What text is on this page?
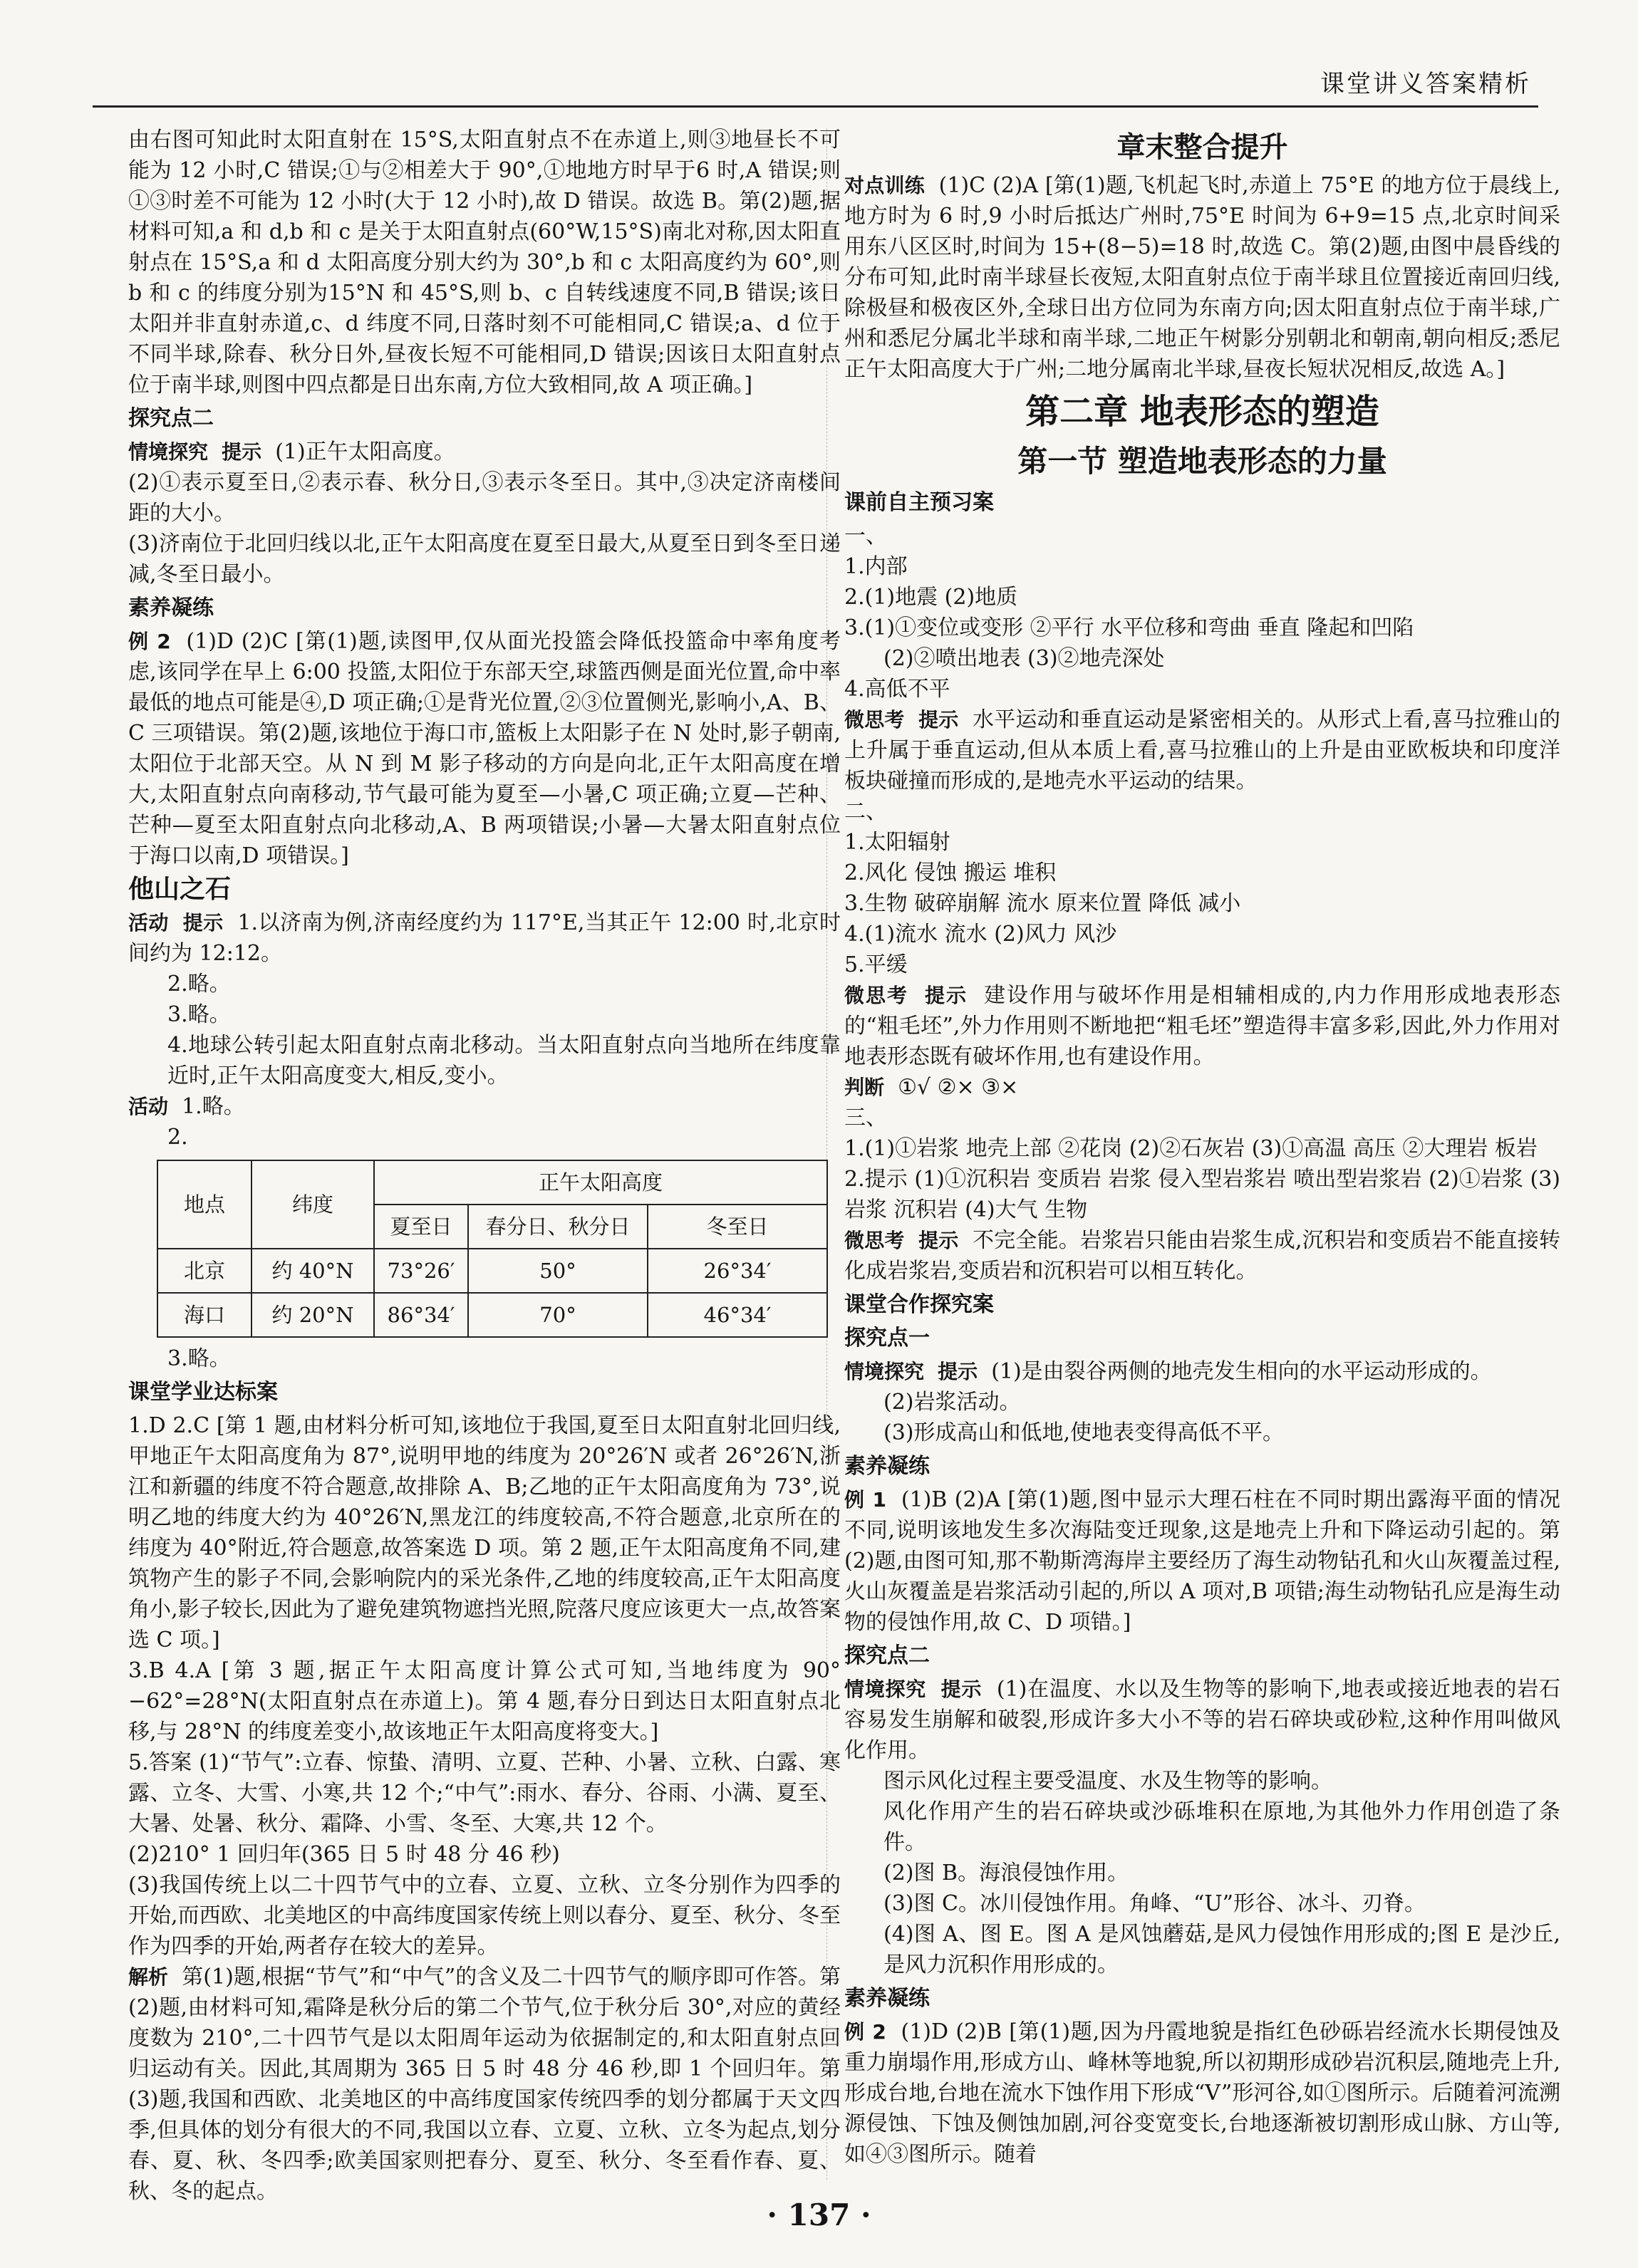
课堂讲义答案精析

由右图可知此时太阳直射在 15°S,太阳直射点不在赤道上,则③地昼长不可能为 12 小时,C 错误;①与②相差大于 90°,①地地方时早于6 时,A 错误;则①③时差不可能为 12 小时(大于 12 小时),故 D 错误。故选 B。第(2)题,据材料可知,a 和 d,b 和 c 是关于太阳直射点(60°W,15°S)南北对称,因太阳直射点在 15°S,a 和 d 太阳高度分别大约为 30°,b 和 c 太阳高度约为 60°,则 b 和 c 的纬度分别为15°N 和 45°S,则 b、c 自转线速度不同,B 错误;该日太阳并非直射赤道,c、d 纬度不同,日落时刻不可能相同,C 错误;a、d 位于不同半球,除春、秋分日外,昼夜长短不可能相同,D 错误;因该日太阳直射点位于南半球,则图中四点都是日出东南,方位大致相同,故 A 项正确。]

探究点二

情境探究 提示 (1)正午太阳高度。

(2)①表示夏至日,②表示春、秋分日,③表示冬至日。其中,③决定济南楼间距的大小。

(3)济南位于北回归线以北,正午太阳高度在夏至日最大,从夏至日到冬至日递减,冬至日最小。

素养凝练

例 2 (1)D (2)C [第(1)题,读图甲,仅从面光投篮会降低投篮命中率角度考虑,该同学在早上 6:00 投篮,太阳位于东部天空,球篮西侧是面光位置,命中率最低的地点可能是④,D 项正确;①是背光位置,②③位置侧光,影响小,A、B、C 三项错误。第(2)题,该地位于海口市,篮板上太阳影子在 N 处时,影子朝南,太阳位于北部天空。从 N 到 M 影子移动的方向是向北,正午太阳高度在增大,太阳直射点向南移动,节气最可能为夏至—小暑,C 项正确;立夏—芒种、芒种—夏至太阳直射点向北移动,A、B 两项错误;小暑—大暑太阳直射点位于海口以南,D 项错误。]

他山之石

活动 提示 1.以济南为例,济南经度约为 117°E,当其正午 12:00 时,北京时间约为 12:12。

2.略。

3.略。

4.地球公转引起太阳直射点南北移动。当太阳直射点向当地所在纬度靠近时,正午太阳高度变大,相反,变小。

活动 1.略。

2.

地点	纬度	正午太阳高度		
		夏至日	春分日、秋分日	冬至日
北京	约 40°N	73°26′	50°	26°34′
海口	约 20°N	86°34′	70°	46°34′

3.略。

课堂学业达标案

1.D 2.C [第 1 题,由材料分析可知,该地位于我国,夏至日太阳直射北回归线,甲地正午太阳高度角为 87°,说明甲地的纬度为 20°26′N 或者 26°26′N,浙江和新疆的纬度不符合题意,故排除 A、B;乙地的正午太阳高度角为 73°,说明乙地的纬度大约为 40°26′N,黑龙江的纬度较高,不符合题意,北京所在的纬度为 40°附近,符合题意,故答案选 D 项。第 2 题,正午太阳高度角不同,建筑物产生的影子不同,会影响院内的采光条件,乙地的纬度较高,正午太阳高度角小,影子较长,因此为了避免建筑物遮挡光照,院落尺度应该更大一点,故答案选 C 项。]

3.B 4.A [第 3 题,据正午太阳高度计算公式可知,当地纬度为 90°−62°=28°N(太阳直射点在赤道上)。第 4 题,春分日到达日太阳直射点北移,与 28°N 的纬度差变小,故该地正午太阳高度将变大。]

5.答案 (1)“节气”:立春、惊蛰、清明、立夏、芒种、小暑、立秋、白露、寒露、立冬、大雪、小寒,共 12 个;“中气”:雨水、春分、谷雨、小满、夏至、大暑、处暑、秋分、霜降、小雪、冬至、大寒,共 12 个。

(2)210° 1 回归年(365 日 5 时 48 分 46 秒)

(3)我国传统上以二十四节气中的立春、立夏、立秋、立冬分别作为四季的开始,而西欧、北美地区的中高纬度国家传统上则以春分、夏至、秋分、冬至作为四季的开始,两者存在较大的差异。

解析 第(1)题,根据“节气”和“中气”的含义及二十四节气的顺序即可作答。第(2)题,由材料可知,霜降是秋分后的第二个节气,位于秋分后 30°,对应的黄经度数为 210°,二十四节气是以太阳周年运动为依据制定的,和太阳直射点回归运动有关。因此,其周期为 365 日 5 时 48 分 46 秒,即 1 个回归年。第(3)题,我国和西欧、北美地区的中高纬度国家传统四季的划分都属于天文四季,但具体的划分有很大的不同,我国以立春、立夏、立秋、立冬为起点,划分春、夏、秋、冬四季;欧美国家则把春分、夏至、秋分、冬至看作春、夏、秋、冬的起点。

章末整合提升

对点训练 (1)C (2)A [第(1)题,飞机起飞时,赤道上 75°E 的地方位于晨线上,地方时为 6 时,9 小时后抵达广州时,75°E 时间为 6+9=15 点,北京时间采用东八区区时,时间为 15+(8−5)=18 时,故选 C。第(2)题,由图中晨昏线的分布可知,此时南半球昼长夜短,太阳直射点位于南半球且位置接近南回归线,除极昼和极夜区外,全球日出方位同为东南方向;因太阳直射点位于南半球,广州和悉尼分属北半球和南半球,二地正午树影分别朝北和朝南,朝向相反;悉尼正午太阳高度大于广州;二地分属南北半球,昼夜长短状况相反,故选 A。]

第二章 地表形态的塑造

第一节 塑造地表形态的力量

课前自主预习案

一、

1.内部

2.(1)地震 (2)地质

3.(1)①变位或变形 ②平行 水平位移和弯曲 垂直 隆起和凹陷

(2)②喷出地表 (3)②地壳深处

4.高低不平

微思考 提示 水平运动和垂直运动是紧密相关的。从形式上看,喜马拉雅山的上升属于垂直运动,但从本质上看,喜马拉雅山的上升是由亚欧板块和印度洋板块碰撞而形成的,是地壳水平运动的结果。

二、

1.太阳辐射

2.风化 侵蚀 搬运 堆积

3.生物 破碎崩解 流水 原来位置 降低 减小

4.(1)流水 流水 (2)风力 风沙

5.平缓

微思考 提示 建设作用与破坏作用是相辅相成的,内力作用形成地表形态的“粗毛坯”,外力作用则不断地把“粗毛坯”塑造得丰富多彩,因此,外力作用对地表形态既有破坏作用,也有建设作用。

判断 ①√ ②× ③×

三、

1.(1)①岩浆 地壳上部 ②花岗 (2)②石灰岩 (3)①高温 高压 ②大理岩 板岩

2.提示 (1)①沉积岩 变质岩 岩浆 侵入型岩浆岩 喷出型岩浆岩 (2)①岩浆 (3)岩浆 沉积岩 (4)大气 生物

微思考 提示 不完全能。岩浆岩只能由岩浆生成,沉积岩和变质岩不能直接转化成岩浆岩,变质岩和沉积岩可以相互转化。

课堂合作探究案

探究点一

情境探究 提示 (1)是由裂谷两侧的地壳发生相向的水平运动形成的。

(2)岩浆活动。

(3)形成高山和低地,使地表变得高低不平。

素养凝练

例 1 (1)B (2)A [第(1)题,图中显示大理石柱在不同时期出露海平面的情况不同,说明该地发生多次海陆变迁现象,这是地壳上升和下降运动引起的。第(2)题,由图可知,那不勒斯湾海岸主要经历了海生动物钻孔和火山灰覆盖过程,火山灰覆盖是岩浆活动引起的,所以 A 项对,B 项错;海生动物钻孔应是海生动物的侵蚀作用,故 C、D 项错。]

探究点二

情境探究 提示 (1)在温度、水以及生物等的影响下,地表或接近地表的岩石容易发生崩解和破裂,形成许多大小不等的岩石碎块或砂粒,这种作用叫做风化作用。

图示风化过程主要受温度、水及生物等的影响。

风化作用产生的岩石碎块或沙砾堆积在原地,为其他外力作用创造了条件。

(2)图 B。海浪侵蚀作用。

(3)图 C。冰川侵蚀作用。角峰、“U”形谷、冰斗、刃脊。

(4)图 A、图 E。图 A 是风蚀蘑菇,是风力侵蚀作用形成的;图 E 是沙丘,是风力沉积作用形成的。

素养凝练

例 2 (1)D (2)B [第(1)题,因为丹霞地貌是指红色砂砾岩经流水长期侵蚀及重力崩塌作用,形成方山、峰林等地貌,所以初期形成砂岩沉积层,随地壳上升,形成台地,台地在流水下蚀作用下形成“V”形河谷,如①图所示。后随着河流溯源侵蚀、下蚀及侧蚀加剧,河谷变宽变长,台地逐渐被切割形成山脉、方山等,如④③图所示。随着

· 137 ·
